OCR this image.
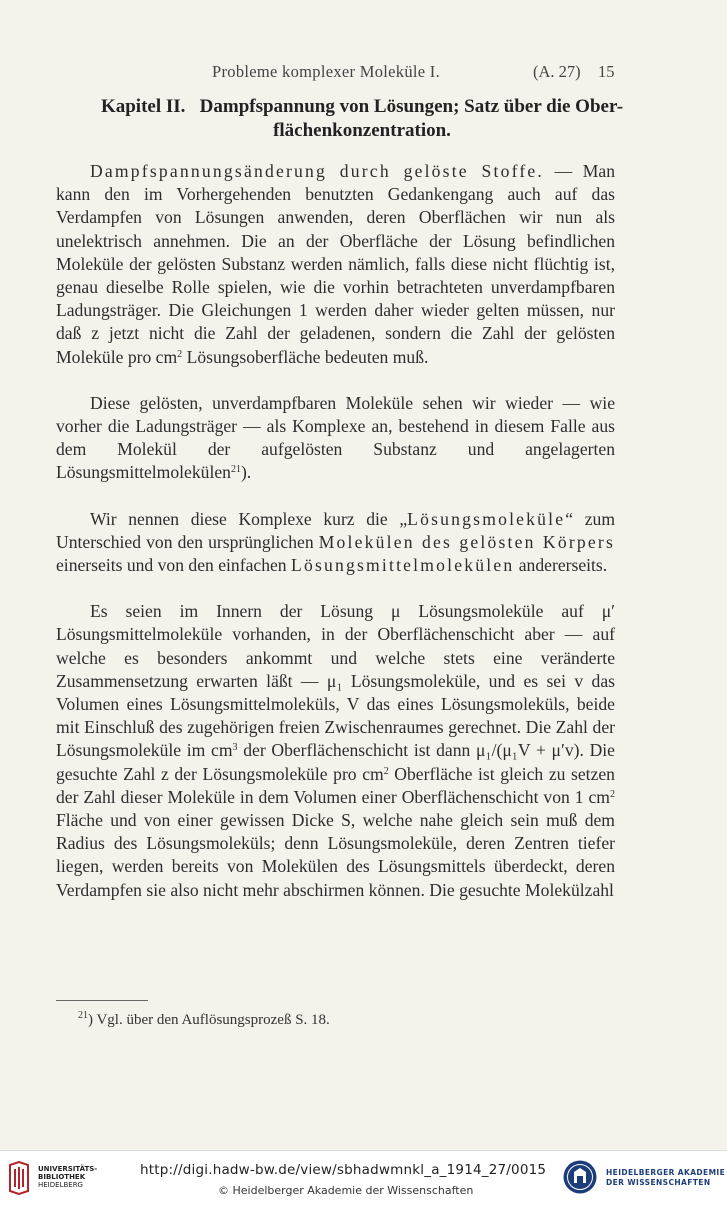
Probleme komplexer Moleküle I.	(A. 27) 15
Kapitel II.   Dampfspannung von Lösungen; Satz über die Ober-
flächenkonzentration.

Dampfspannungsänderung durch gelöste Stoffe. — Man kann den im Vorhergehenden benutzten Gedankengang auch auf das Verdampfen von Lösungen anwenden, deren Oberflächen wir nun als unelektrisch annehmen. Die an der Oberfläche der Lösung befindlichen Moleküle der gelösten Substanz werden nämlich, falls diese nicht flüchtig ist, genau dieselbe Rolle spielen, wie die vorhin betrachteten unverdampfbaren Ladungsträger. Die Gleichungen 1 werden daher wieder gelten müssen, nur daß z jetzt nicht die Zahl der geladenen, sondern die Zahl der gelösten Moleküle pro $cm^2$ Lösungsoberfläche bedeuten muß.

Diese gelösten, unverdampfbaren Moleküle sehen wir wieder — wie vorher die Ladungsträger — als Komplexe an, bestehend in diesem Falle aus dem Molekül der aufgelösten Substanz und angelagerten Lösungsmittelmolekülen$^{21}$).

Wir nennen diese Komplexe kurz die „Lösungsmoleküle“ zum Unterschied von den ursprünglichen Molekülen des gelösten Körpers einerseits und von den einfachen Lösungsmittelmolekülen andererseits.

Es seien im Innern der Lösung μ Lösungsmoleküle auf μ′ Lösungsmittelmoleküle vorhanden, in der Oberflächenschicht aber — auf welche es besonders ankommt und welche stets eine veränderte Zusammensetzung erwarten läßt — μ₁ Lösungsmoleküle, und es sei v das Volumen eines Lösungsmittelmoleküls, V das eines Lösungsmoleküls, beide mit Einschluß des zugehörigen freien Zwischenraumes gerechnet. Die Zahl der Lösungsmoleküle im $cm^3$ der Oberflächenschicht ist dann μ₁/(μ₁V + μ′v). Die gesuchte Zahl z der Lösungsmoleküle pro $cm^2$ Oberfläche ist gleich zu setzen der Zahl dieser Moleküle in dem Volumen einer Oberflächenschicht von 1 $cm^2$ Fläche und von einer gewissen Dicke S, welche nahe gleich sein muß dem Radius des Lösungsmoleküls; denn Lösungsmoleküle, deren Zentren tiefer liegen, werden bereits von Molekülen des Lösungsmittels überdeckt, deren Verdampfen sie also nicht mehr abschirmen können. Die gesuchte Molekülzahl

$^{21}$) Vgl. über den Auflösungsprozeß S. 18.
UNIVERSITÄTS-
BIBLIOTHEK
HEIDELBERG
http://digi.hadw-bw.de/view/sbhadwmnkl_a_1914_27/0015
© Heidelberger Akademie der Wissenschaften
HEIDELBERGER AKADEMIE
DER WISSENSCHAFTEN
